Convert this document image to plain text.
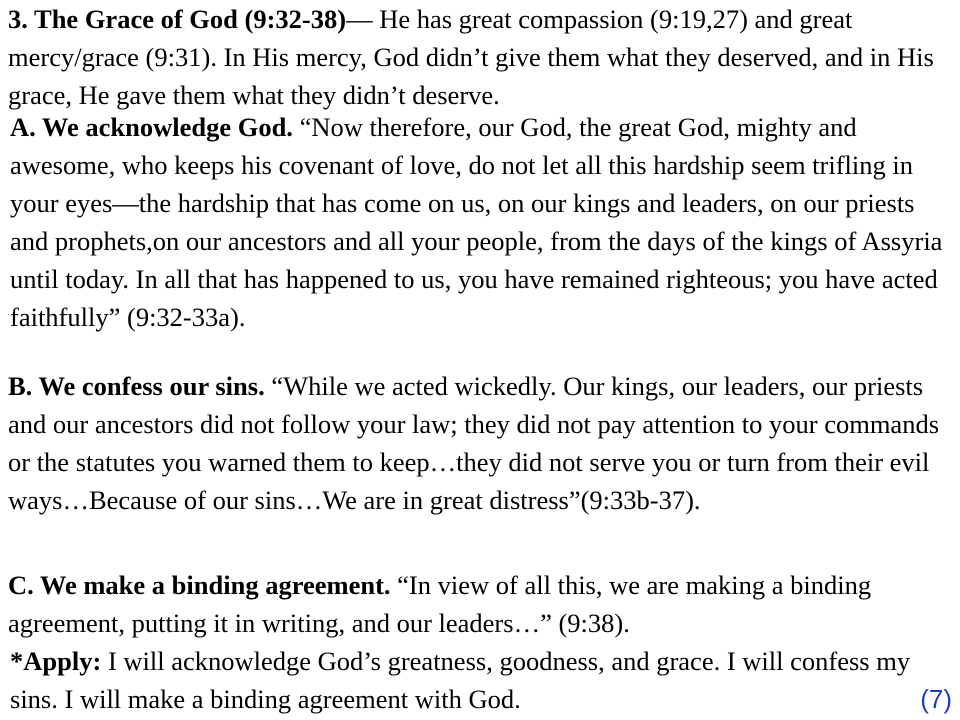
3. The Grace of God (9:32-38)— He has great compassion (9:19,27) and great mercy/grace (9:31). In His mercy, God didn’t give them what they deserved, and in His grace, He gave them what they didn’t deserve.

A. We acknowledge God. “Now therefore, our God, the great God, mighty and awesome, who keeps his covenant of love, do not let all this hardship seem trifling in your eyes—the hardship that has come on us, on our kings and leaders, on our priests and prophets,on our ancestors and all your people, from the days of the kings of Assyria until today. In all that has happened to us, you have remained righteous; you have acted faithfully” (9:32-33a).

B. We confess our sins. “While we acted wickedly. Our kings, our leaders, our priests and our ancestors did not follow your law; they did not pay attention to your commands or the statutes you warned them to keep…they did not serve you or turn from their evil ways…Because of our sins…We are in great distress”(9:33b-37).

C. We make a binding agreement. “In view of all this, we are making a binding agreement, putting it in writing, and our leaders…” (9:38).

*Apply: I will acknowledge God’s greatness, goodness, and grace. I will confess my sins. I will make a binding agreement with God.	(7)
